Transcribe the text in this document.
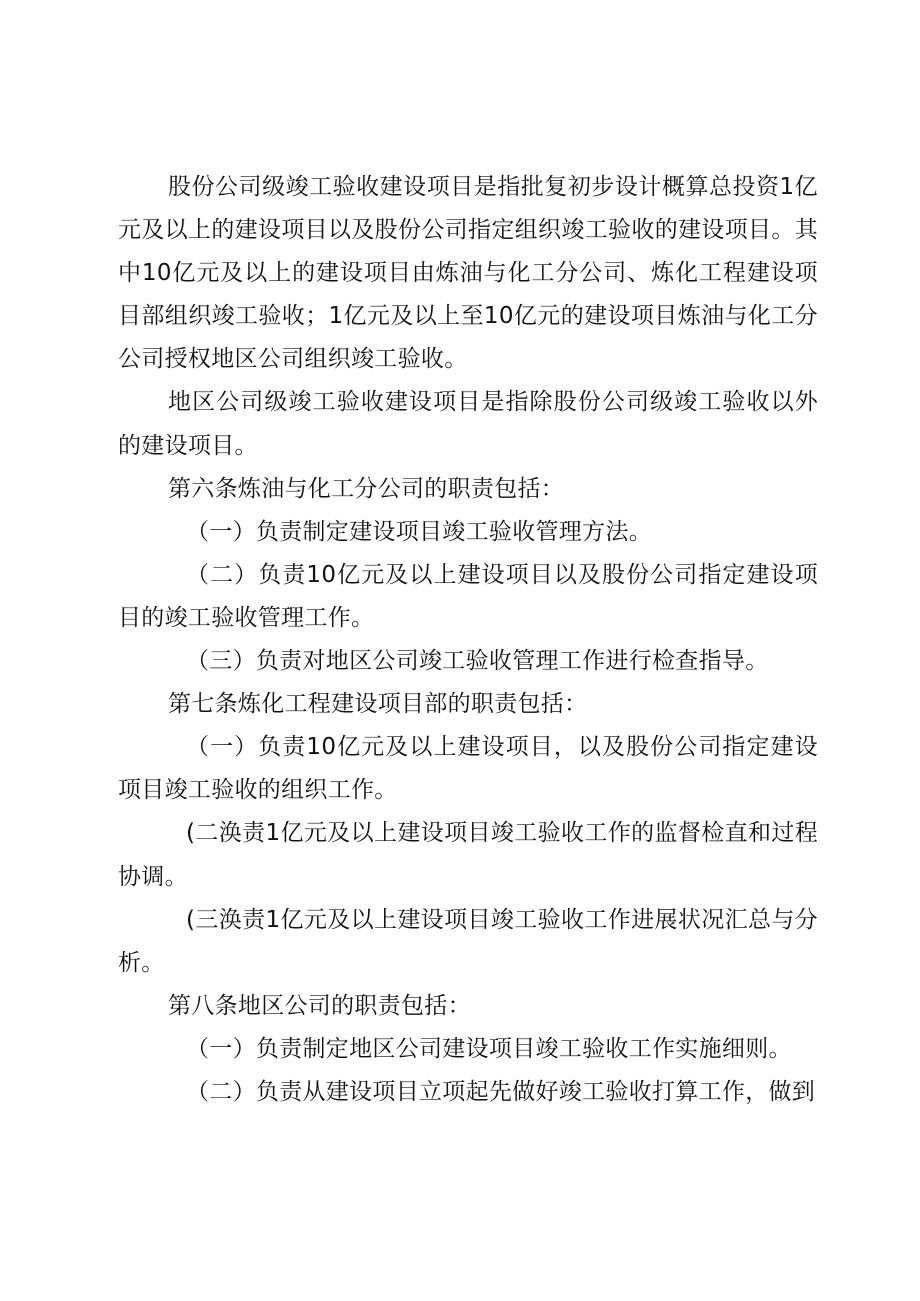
股份公司级竣工验收建设项目是指批复初步设计概算总投资1亿元及以上的建设项目以及股份公司指定组织竣工验收的建设项目。其中10亿元及以上的建设项目由炼油与化工分公司、炼化工程建设项目部组织竣工验收；1亿元及以上至10亿元的建设项目炼油与化工分公司授权地区公司组织竣工验收。

地区公司级竣工验收建设项目是指除股份公司级竣工验收以外的建设项目。

第六条炼油与化工分公司的职责包括：

（一）负责制定建设项目竣工验收管理方法。

（二）负责10亿元及以上建设项目以及股份公司指定建设项目的竣工验收管理工作。

（三）负责对地区公司竣工验收管理工作进行检查指导。

第七条炼化工程建设项目部的职责包括：

（一）负责10亿元及以上建设项目，以及股份公司指定建设项目竣工验收的组织工作。

(二涣责1亿元及以上建设项目竣工验收工作的监督检直和过程协调。

(三涣责1亿元及以上建设项目竣工验收工作进展状况汇总与分析。

第八条地区公司的职责包括：

（一）负责制定地区公司建设项目竣工验收工作实施细则。

（二）负责从建设项目立项起先做好竣工验收打算工作，做到
